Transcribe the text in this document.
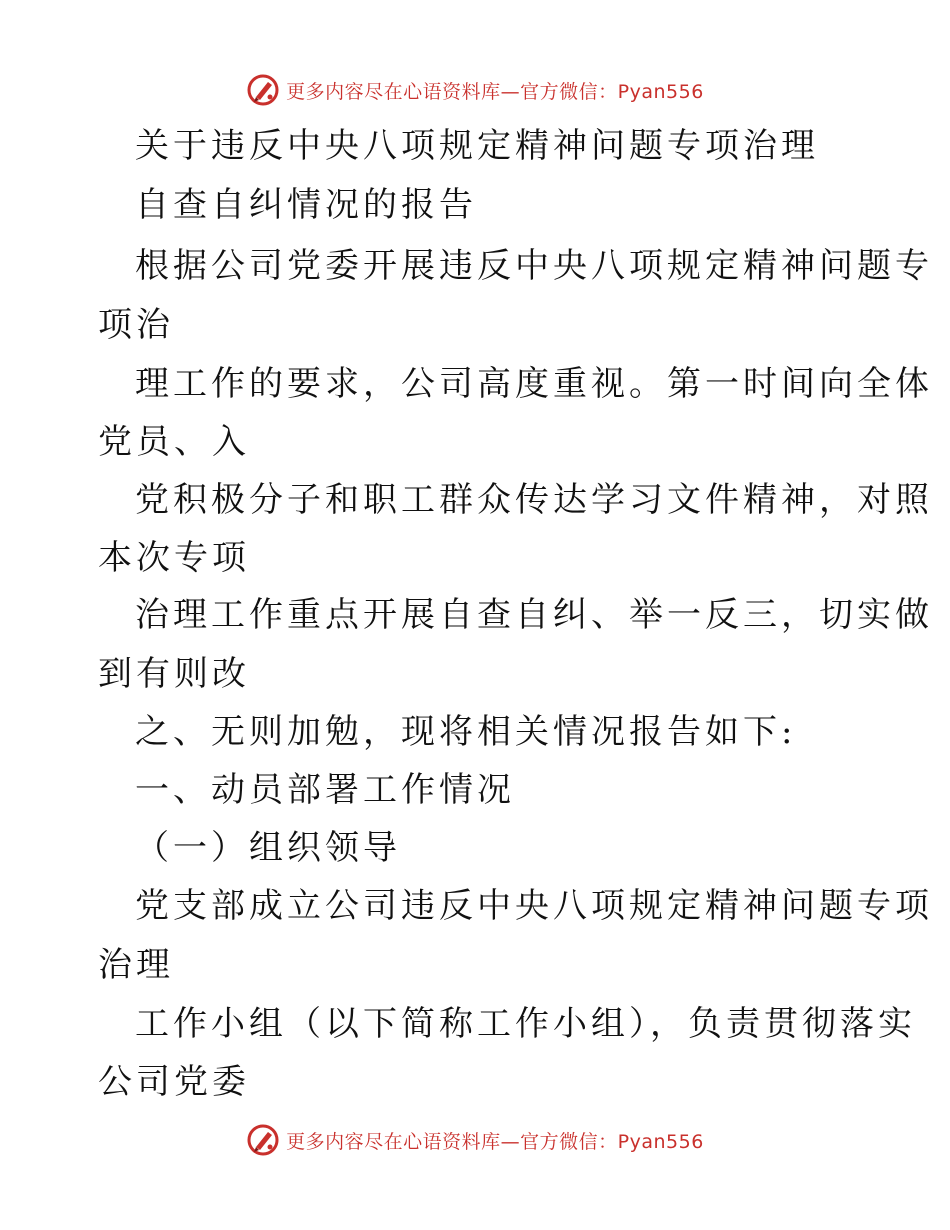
更多内容尽在心语资料库—官方微信：Pyan556
关于违反中央八项规定精神问题专项治理
自查自纠情况的报告
根据公司党委开展违反中央八项规定精神问题专
项治
理工作的要求，公司高度重视。第一时间向全体
党员、入
党积极分子和职工群众传达学习文件精神，对照
本次专项
治理工作重点开展自查自纠、举一反三，切实做
到有则改
之、无则加勉，现将相关情况报告如下:
一、动员部署工作情况
（一）组织领导
党支部成立公司违反中央八项规定精神问题专项
治理
工作小组（以下简称工作小组），负责贯彻落实
公司党委
更多内容尽在心语资料库—官方微信：Pyan556
